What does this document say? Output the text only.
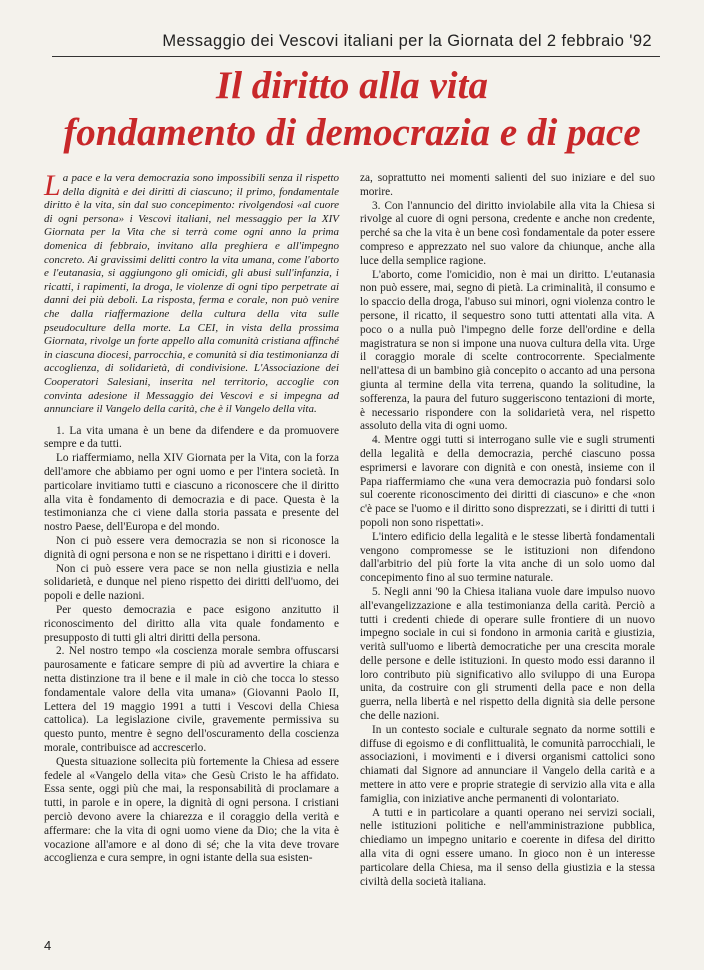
Messaggio dei Vescovi italiani per la Giornata del 2 febbraio '92
Il diritto alla vita
fondamento di democrazia e di pace

La pace e la vera democrazia sono impossibili senza il rispetto della dignità e dei diritti di ciascuno; il primo, fondamentale diritto è la vita, sin dal suo concepimento: rivolgendosi «al cuore di ogni persona» i Vescovi italiani, nel messaggio per la XIV Giornata per la Vita che si terrà come ogni anno la prima domenica di febbraio, invitano alla preghiera e all'impegno concreto. Ai gravissimi delitti contro la vita umana, come l'aborto e l'eutanasia, si aggiungono gli omicidi, gli abusi sull'infanzia, i ricatti, i rapimenti, la droga, le violenze di ogni tipo perpetrate ai danni dei più deboli. La risposta, ferma e corale, non può venire che dalla riaffermazione della cultura della vita sulle pseudoculture della morte. La CEI, in vista della prossima Giornata, rivolge un forte appello alla comunità cristiana affinché in ciascuna diocesi, parrocchia, e comunità si dia testimonianza di accoglienza, di solidarietà, di condivisione. L'Associazione dei Cooperatori Salesiani, inserita nel territorio, accoglie con convinta adesione il Messaggio dei Vescovi e si impegna ad annunciare il Vangelo della carità, che è il Vangelo della vita.

1. La vita umana è un bene da difendere e da promuovere sempre e da tutti.

Lo riaffermiamo, nella XIV Giornata per la Vita, con la forza dell'amore che abbiamo per ogni uomo e per l'intera società. In particolare invitiamo tutti e ciascuno a riconoscere che il diritto alla vita è fondamento di democrazia e di pace. Questa è la testimonianza che ci viene dalla storia passata e presente del nostro Paese, dell'Europa e del mondo.

Non ci può essere vera democrazia se non si riconosce la dignità di ogni persona e non se ne rispettano i diritti e i doveri.

Non ci può essere vera pace se non nella giustizia e nella solidarietà, e dunque nel pieno rispetto dei diritti dell'uomo, dei popoli e delle nazioni.

Per questo democrazia e pace esigono anzitutto il riconoscimento del diritto alla vita quale fondamento e presupposto di tutti gli altri diritti della persona.

2. Nel nostro tempo «la coscienza morale sembra offuscarsi paurosamente e faticare sempre di più ad avvertire la chiara e netta distinzione tra il bene e il male in ciò che tocca lo stesso fondamentale valore della vita umana» (Giovanni Paolo II, Lettera del 19 maggio 1991 a tutti i Vescovi della Chiesa cattolica). La legislazione civile, gravemente permissiva su questo punto, mentre è segno dell'oscuramento della coscienza morale, contribuisce ad accrescerlo.

Questa situazione sollecita più fortemente la Chiesa ad essere fedele al «Vangelo della vita» che Gesù Cristo le ha affidato. Essa sente, oggi più che mai, la responsabilità di proclamare a tutti, in parole e in opere, la dignità di ogni persona. I cristiani perciò devono avere la chiarezza e il coraggio della verità e affermare: che la vita di ogni uomo viene da Dio; che la vita è vocazione all'amore e al dono di sé; che la vita deve trovare accoglienza e cura sempre, in ogni istante della sua esisten-

za, soprattutto nei momenti salienti del suo iniziare e del suo morire.

3. Con l'annuncio del diritto inviolabile alla vita la Chiesa si rivolge al cuore di ogni persona, credente e anche non credente, perché sa che la vita è un bene così fondamentale da poter essere compreso e apprezzato nel suo valore da chiunque, anche alla luce della semplice ragione.

L'aborto, come l'omicidio, non è mai un diritto. L'eutanasia non può essere, mai, segno di pietà. La criminalità, il consumo e lo spaccio della droga, l'abuso sui minori, ogni violenza contro le persone, il ricatto, il sequestro sono tutti attentati alla vita. A poco o a nulla può l'impegno delle forze dell'ordine e della magistratura se non si impone una nuova cultura della vita. Urge il coraggio morale di scelte controcorrente. Specialmente nell'attesa di un bambino già concepito o accanto ad una persona giunta al termine della vita terrena, quando la solitudine, la sofferenza, la paura del futuro suggeriscono tentazioni di morte, è necessario rispondere con la solidarietà vera, nel rispetto assoluto della vita di ogni uomo.

4. Mentre oggi tutti si interrogano sulle vie e sugli strumenti della legalità e della democrazia, perché ciascuno possa esprimersi e lavorare con dignità e con onestà, insieme con il Papa riaffermiamo che «una vera democrazia può fondarsi solo sul coerente riconoscimento dei diritti di ciascuno» e che «non c'è pace se l'uomo e il diritto sono disprezzati, se i diritti di tutti i popoli non sono rispettati».

L'intero edificio della legalità e le stesse libertà fondamentali vengono compromesse se le istituzioni non difendono dall'arbitrio del più forte la vita anche di un solo uomo dal concepimento fino al suo termine naturale.

5. Negli anni '90 la Chiesa italiana vuole dare impulso nuovo all'evangelizzazione e alla testimonianza della carità. Perciò a tutti i credenti chiede di operare sulle frontiere di un nuovo impegno sociale in cui si fondono in armonia carità e giustizia, verità sull'uomo e libertà democratiche per una crescita morale delle persone e delle istituzioni. In questo modo essi daranno il loro contributo più significativo allo sviluppo di una Europa unita, da costruire con gli strumenti della pace e non della guerra, nella libertà e nel rispetto della dignità sia delle persone che delle nazioni.

In un contesto sociale e culturale segnato da norme sottili e diffuse di egoismo e di conflittualità, le comunità parrocchiali, le associazioni, i movimenti e i diversi organismi cattolici sono chiamati dal Signore ad annunciare il Vangelo della carità e a mettere in atto vere e proprie strategie di servizio alla vita e alla famiglia, con iniziative anche permanenti di volontariato.

A tutti e in particolare a quanti operano nei servizi sociali, nelle istituzioni politiche e nell'amministrazione pubblica, chiediamo un impegno unitario e coerente in difesa del diritto alla vita di ogni essere umano. In gioco non è un interesse particolare della Chiesa, ma il senso della giustizia e la stessa civiltà della società italiana.

4
